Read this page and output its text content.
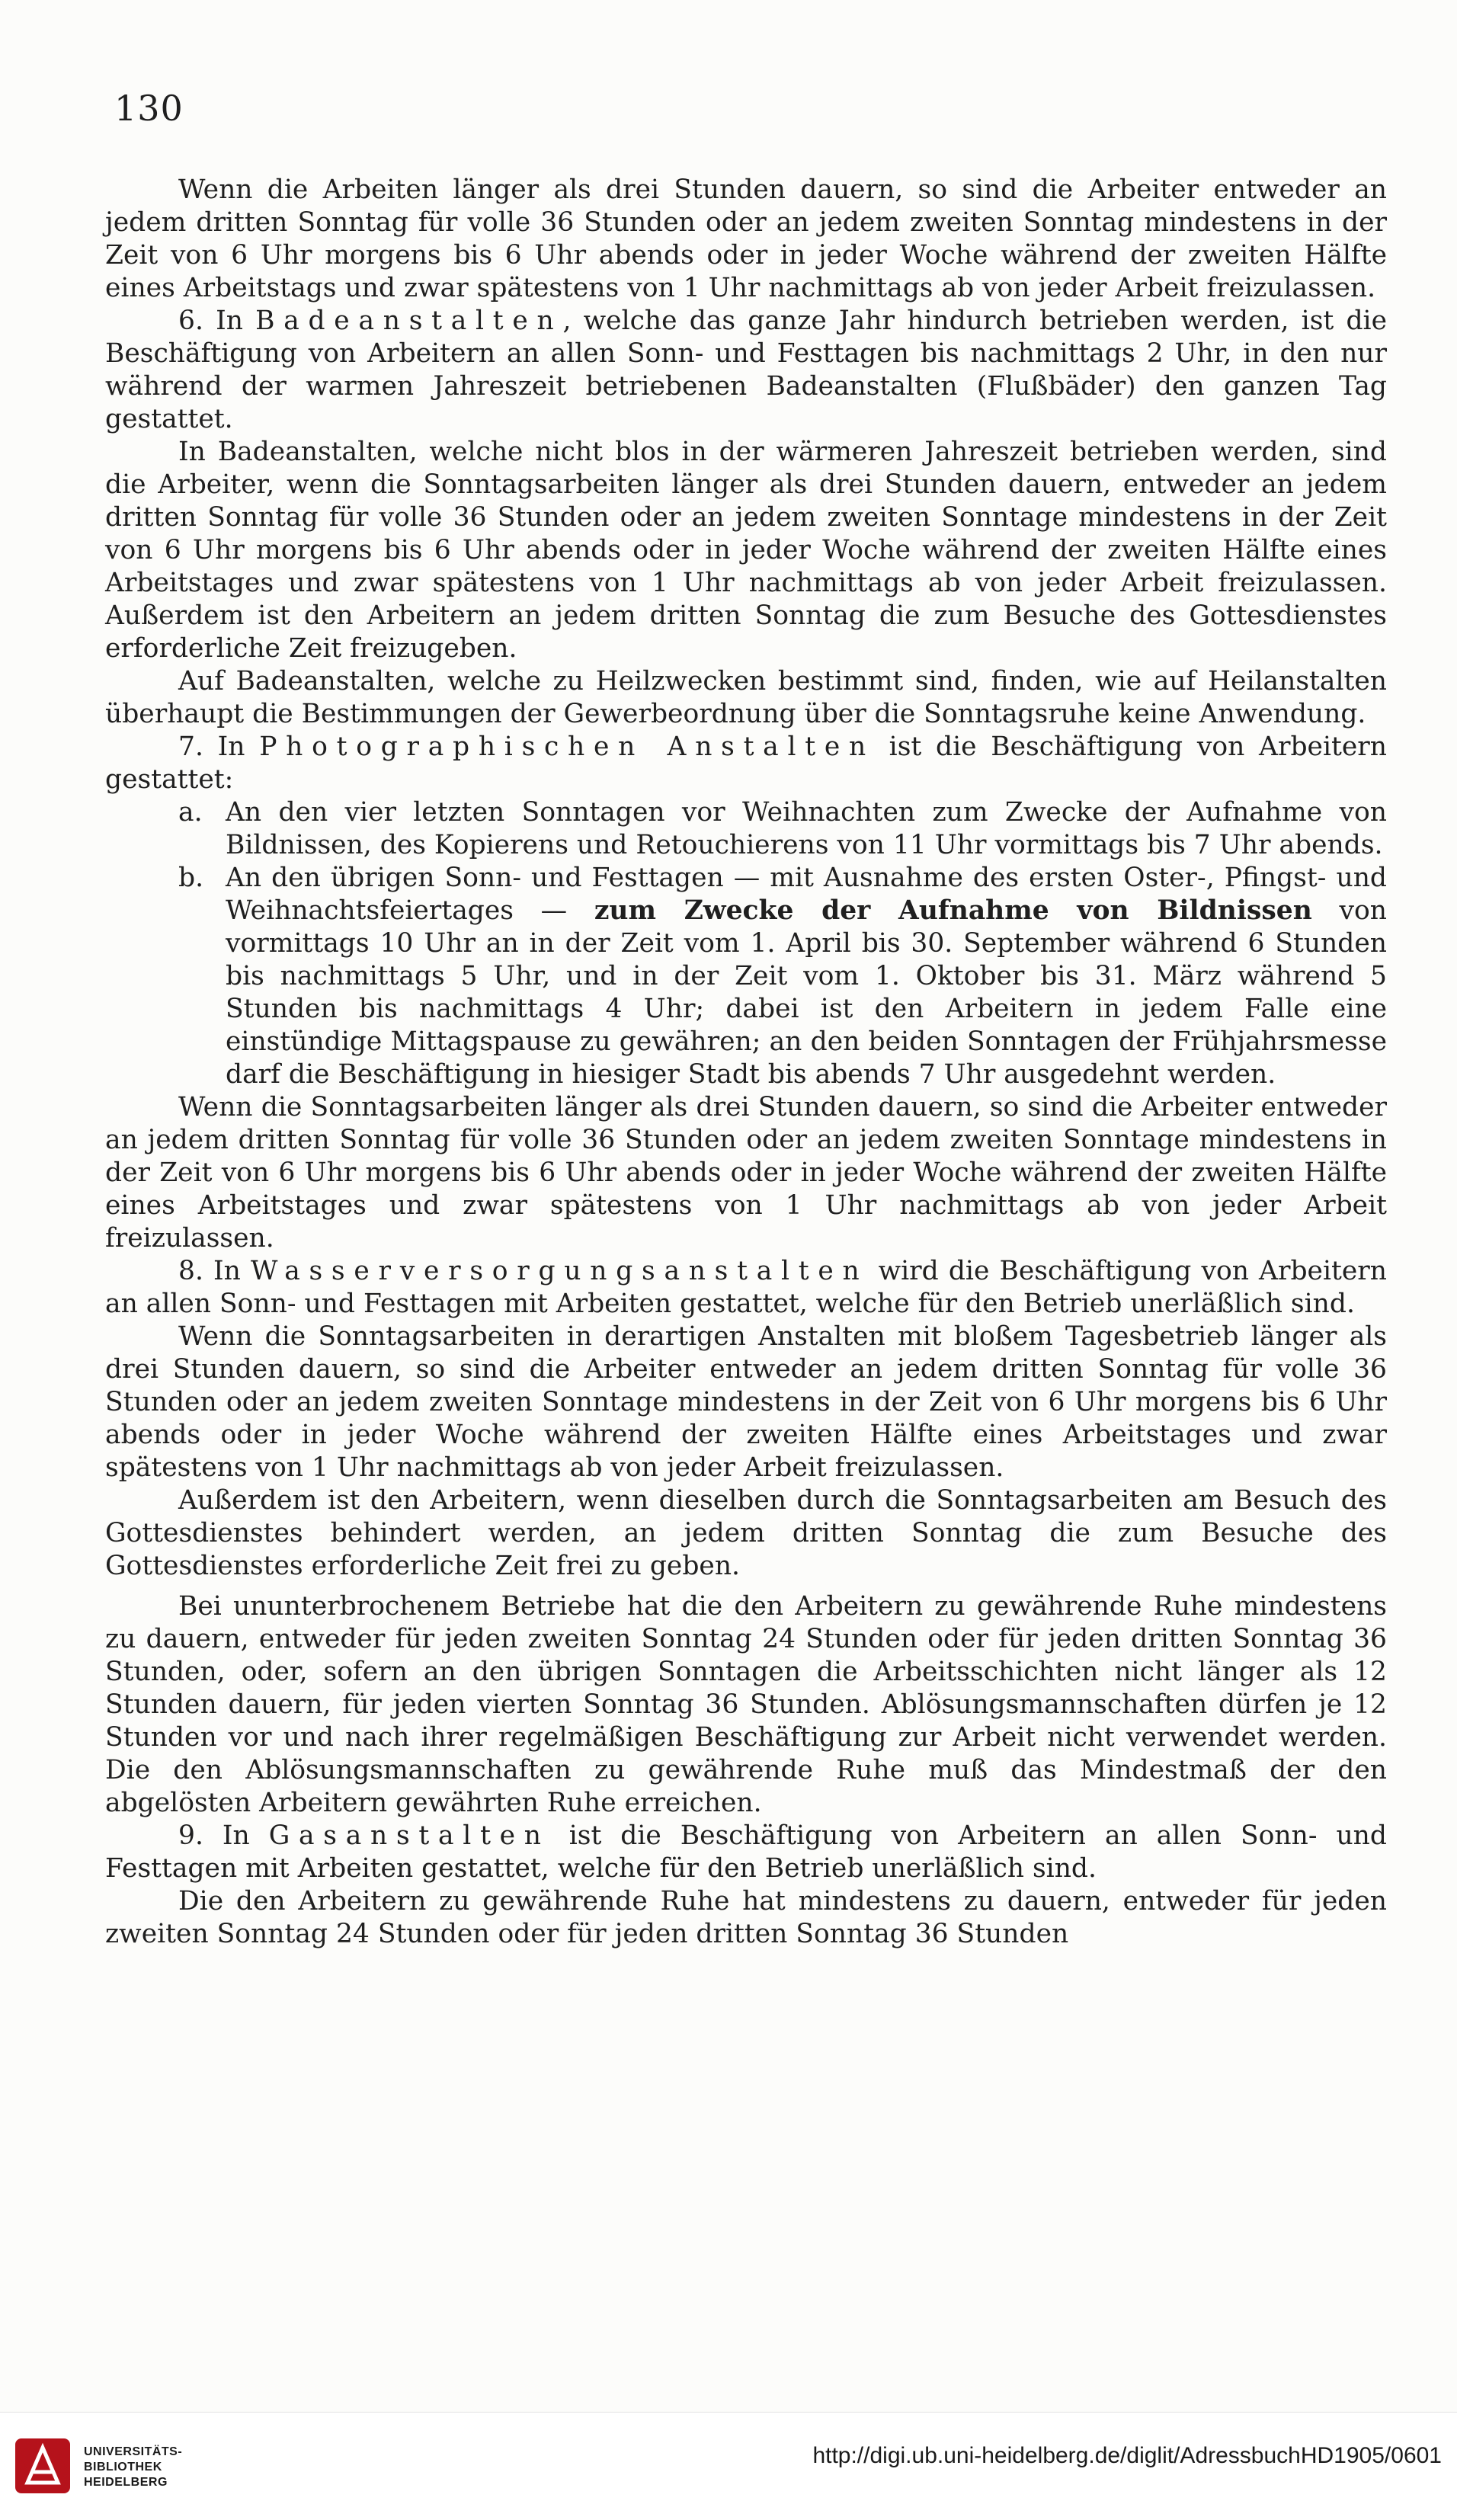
130

Wenn die Arbeiten länger als drei Stunden dauern, so sind die Arbeiter entweder an jedem dritten Sonntag für volle 36 Stunden oder an jedem zweiten Sonntag mindestens in der Zeit von 6 Uhr morgens bis 6 Uhr abends oder in jeder Woche während der zweiten Hälfte eines Arbeitstags und zwar spätestens von 1 Uhr nachmittags ab von jeder Arbeit freizulassen.

6. In Badeanstalten, welche das ganze Jahr hindurch betrieben werden, ist die Beschäftigung von Arbeitern an allen Sonn- und Festtagen bis nachmittags 2 Uhr, in den nur während der warmen Jahreszeit betriebenen Badeanstalten (Flußbäder) den ganzen Tag gestattet.

In Badeanstalten, welche nicht blos in der wärmeren Jahreszeit betrieben werden, sind die Arbeiter, wenn die Sonntagsarbeiten länger als drei Stunden dauern, entweder an jedem dritten Sonntag für volle 36 Stunden oder an jedem zweiten Sonntage mindestens in der Zeit von 6 Uhr morgens bis 6 Uhr abends oder in jeder Woche während der zweiten Hälfte eines Arbeitstages und zwar spätestens von 1 Uhr nachmittags ab von jeder Arbeit freizulassen. Außerdem ist den Arbeitern an jedem dritten Sonntag die zum Besuche des Gottesdienstes erforderliche Zeit freizugeben.

Auf Badeanstalten, welche zu Heilzwecken bestimmt sind, finden, wie auf Heilanstalten überhaupt die Bestimmungen der Gewerbeordnung über die Sonntagsruhe keine Anwendung.

7. In Photographischen Anstalten ist die Beschäftigung von Arbeitern gestattet:

a. An den vier letzten Sonntagen vor Weihnachten zum Zwecke der Aufnahme von Bildnissen, des Kopierens und Retouchierens von 11 Uhr vormittags bis 7 Uhr abends.
b. An den übrigen Sonn- und Festtagen — mit Ausnahme des ersten Oster-, Pfingst- und Weihnachtsfeiertages — zum Zwecke der Aufnahme von Bildnissen von vormittags 10 Uhr an in der Zeit vom 1. April bis 30. September während 6 Stunden bis nachmittags 5 Uhr, und in der Zeit vom 1. Oktober bis 31. März während 5 Stunden bis nachmittags 4 Uhr; dabei ist den Arbeitern in jedem Falle eine einstündige Mittagspause zu gewähren; an den beiden Sonntagen der Frühjahrsmesse darf die Beschäftigung in hiesiger Stadt bis abends 7 Uhr ausgedehnt werden.

Wenn die Sonntagsarbeiten länger als drei Stunden dauern, so sind die Arbeiter entweder an jedem dritten Sonntag für volle 36 Stunden oder an jedem zweiten Sonntage mindestens in der Zeit von 6 Uhr morgens bis 6 Uhr abends oder in jeder Woche während der zweiten Hälfte eines Arbeitstages und zwar spätestens von 1 Uhr nachmittags ab von jeder Arbeit freizulassen.

8. In Wasserversorgungsanstalten wird die Beschäftigung von Arbeitern an allen Sonn- und Festtagen mit Arbeiten gestattet, welche für den Betrieb unerläßlich sind.

Wenn die Sonntagsarbeiten in derartigen Anstalten mit bloßem Tagesbetrieb länger als drei Stunden dauern, so sind die Arbeiter entweder an jedem dritten Sonntag für volle 36 Stunden oder an jedem zweiten Sonntage mindestens in der Zeit von 6 Uhr morgens bis 6 Uhr abends oder in jeder Woche während der zweiten Hälfte eines Arbeitstages und zwar spätestens von 1 Uhr nachmittags ab von jeder Arbeit freizulassen.

Außerdem ist den Arbeitern, wenn dieselben durch die Sonntagsarbeiten am Besuch des Gottesdienstes behindert werden, an jedem dritten Sonntag die zum Besuche des Gottesdienstes erforderliche Zeit frei zu geben.

Bei ununterbrochenem Betriebe hat die den Arbeitern zu gewährende Ruhe mindestens zu dauern, entweder für jeden zweiten Sonntag 24 Stunden oder für jeden dritten Sonntag 36 Stunden, oder, sofern an den übrigen Sonntagen die Arbeitsschichten nicht länger als 12 Stunden dauern, für jeden vierten Sonntag 36 Stunden. Ablösungsmannschaften dürfen je 12 Stunden vor und nach ihrer regelmäßigen Beschäftigung zur Arbeit nicht verwendet werden. Die den Ablösungsmannschaften zu gewährende Ruhe muß das Mindestmaß der den abgelösten Arbeitern gewährten Ruhe erreichen.

9. In Gasanstalten ist die Beschäftigung von Arbeitern an allen Sonn- und Festtagen mit Arbeiten gestattet, welche für den Betrieb unerläßlich sind.

Die den Arbeitern zu gewährende Ruhe hat mindestens zu dauern, entweder für jeden zweiten Sonntag 24 Stunden oder für jeden dritten Sonntag 36 Stunden

UNIVERSITÄTS-
BIBLIOTHEK
HEIDELBERG
http://digi.ub.uni-heidelberg.de/diglit/AdressbuchHD1905/0601
